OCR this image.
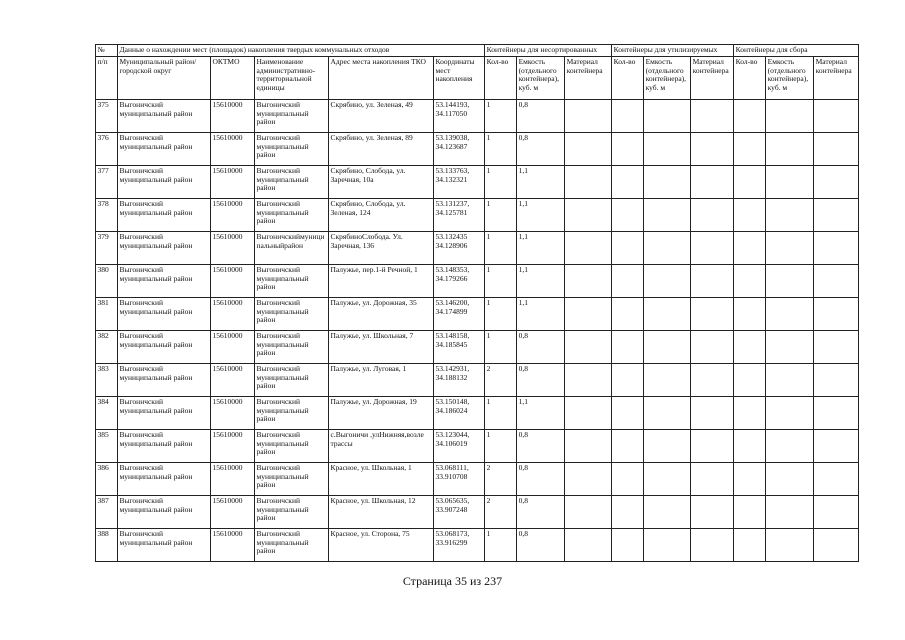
№	Данные о нахождении мест (площадок) накопления твердых коммунальных отходов					Контейнеры для несортированных			Контейнеры для утилизируемых			Контейнеры для сбора		
п/п	Муниципальный район/городской округ	ОКТМО	Наименование административно-территориальной единицы	Адрес места накопления ТКО	Координаты мест накопления	Кол-во	Емкость (отдельного контейнера), куб. м	Материал контейнера	Кол-во	Емкость (отдельного контейнера), куб. м	Материал контейнера	Кол-во	Емкость (отдельного контейнера), куб. м	Материал контейнера
375	Выгоничский муниципальный район	15610000	Выгоничский муниципальный район	Скрябино, ул. Зеленая, 49	53.144193, 34.117050	1	0,8							
376	Выгоничский муниципальный район	15610000	Выгоничский муниципальный район	Скрябино, ул. Зеленая, 89	53.139038, 34.123687	1	0,8							
377	Выгоничский муниципальный район	15610000	Выгоничский муниципальный район	Скрябино, Слобода, ул. Заречная, 10а	53.133763, 34.132321	1	1,1							
378	Выгоничский муниципальный район	15610000	Выгоничский муниципальный район	Скрябино, Слобода, ул. Зеленая, 124	53.131237, 34.125781	1	1,1							
379	Выгоничский муниципальный район	15610000	Выгоничскиймуниципальныйрайон	СкрябиноСлобода. Ул. Заречная, 136	53.132435 34.128906	1	1,1							
380	Выгоничский муниципальный район	15610000	Выгоничский муниципальный район	Палужье, пер.1-й Речной, 1	53.148353, 34.179266	1	1,1							
381	Выгоничский муниципальный район	15610000	Выгоничский муниципальный район	Палужье, ул. Дорожная, 35	53.146200, 34.174899	1	1,1							
382	Выгоничский муниципальный район	15610000	Выгоничский муниципальный район	Палужье, ул. Школьная, 7	53.148158, 34.185845	1	0,8							
383	Выгоничский муниципальный район	15610000	Выгоничский муниципальный район	Палужье, ул. Луговая, 1	53.142931, 34.188132	2	0,8							
384	Выгоничский муниципальный район	15610000	Выгоничский муниципальный район	Палужье, ул. Дорожная, 19	53.150148, 34.186024	1	1,1							
385	Выгоничский муниципальный район	15610000	Выгоничский муниципальный район	с.Выгоничи ,улНижняя,возле трассы	53.123044, 34.106019	1	0,8							
386	Выгоничский муниципальный район	15610000	Выгоничский муниципальный район	Красное, ул. Школьная, 1	53.068111, 33.910708	2	0,8							
387	Выгоничский муниципальный район	15610000	Выгоничский муниципальный район	Красное, ул. Школьная, 12	53.065635, 33.907248	2	0,8							
388	Выгоничский муниципальный район	15610000	Выгоничский муниципальный район	Красное, ул. Сторона, 75	53.068173, 33.916299	1	0,8							
Страница 35 из 237
